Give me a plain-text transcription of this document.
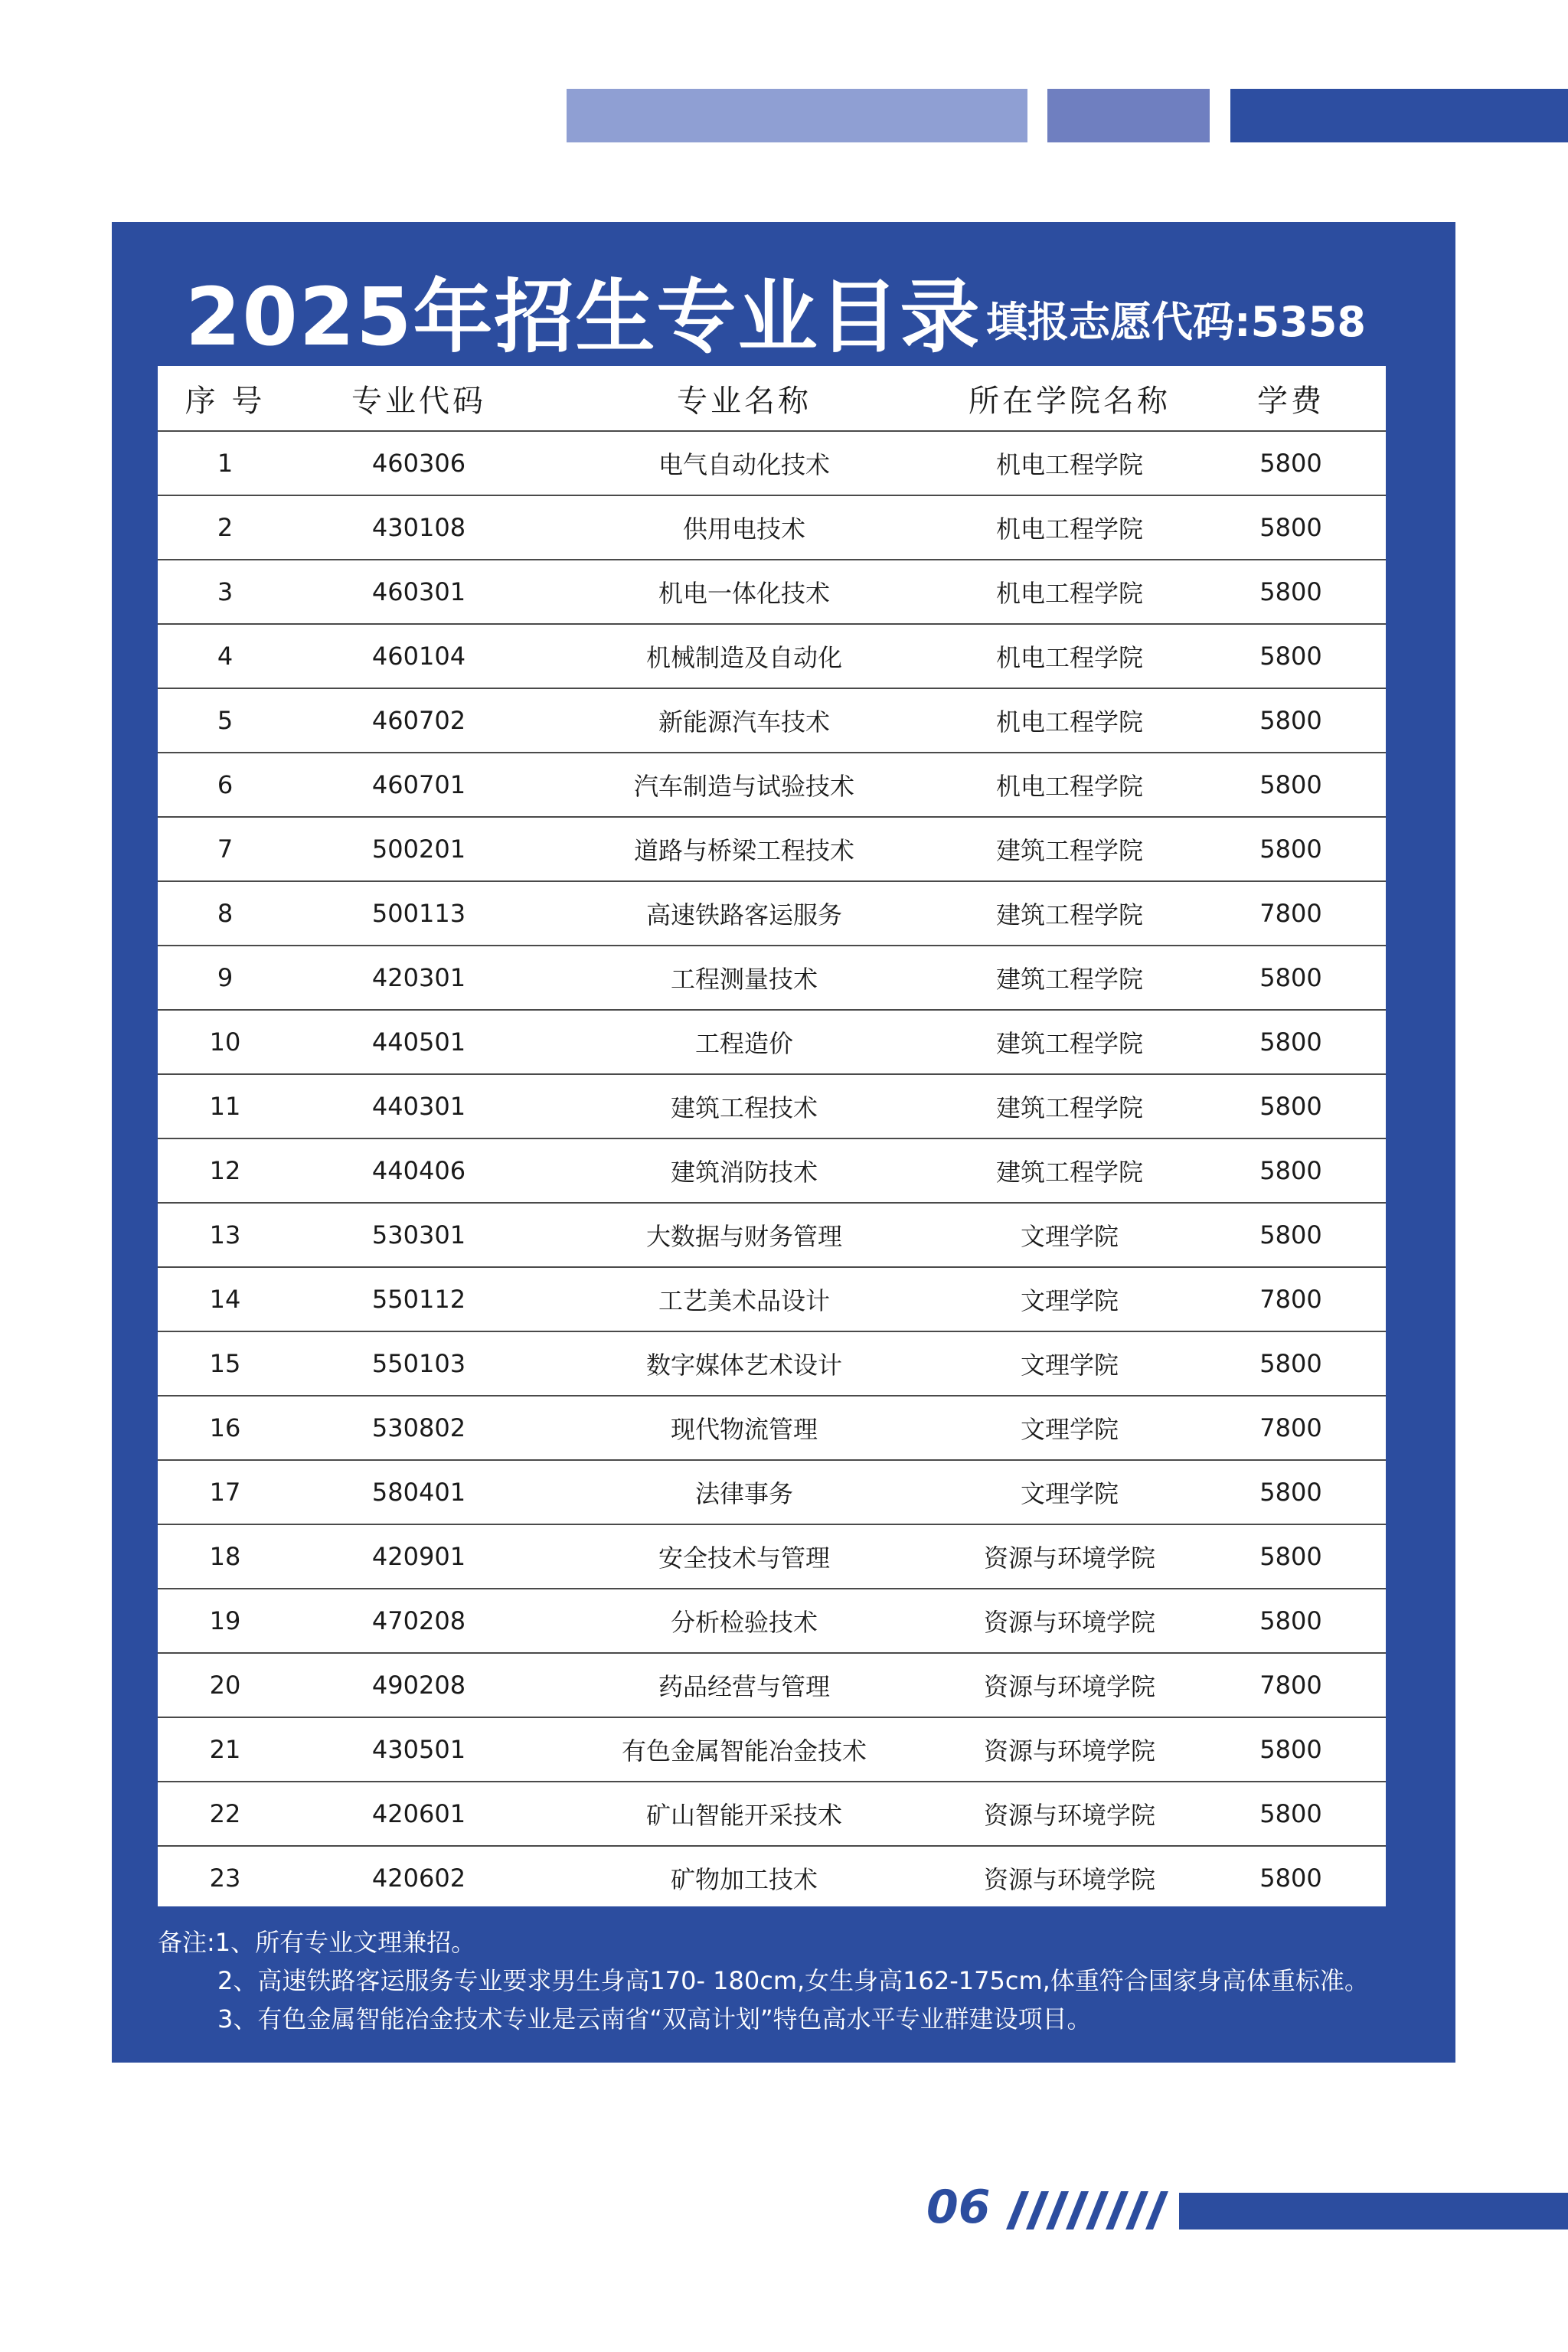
2025年招生专业目录 填报志愿代码:5358
序 号	专业代码	专业名称	所在学院名称	学费
1	460306	电气自动化技术	机电工程学院	5800
2	430108	供用电技术	机电工程学院	5800
3	460301	机电一体化技术	机电工程学院	5800
4	460104	机械制造及自动化	机电工程学院	5800
5	460702	新能源汽车技术	机电工程学院	5800
6	460701	汽车制造与试验技术	机电工程学院	5800
7	500201	道路与桥梁工程技术	建筑工程学院	5800
8	500113	高速铁路客运服务	建筑工程学院	7800
9	420301	工程测量技术	建筑工程学院	5800
10	440501	工程造价	建筑工程学院	5800
11	440301	建筑工程技术	建筑工程学院	5800
12	440406	建筑消防技术	建筑工程学院	5800
13	530301	大数据与财务管理	文理学院	5800
14	550112	工艺美术品设计	文理学院	7800
15	550103	数字媒体艺术设计	文理学院	5800
16	530802	现代物流管理	文理学院	7800
17	580401	法律事务	文理学院	5800
18	420901	安全技术与管理	资源与环境学院	5800
19	470208	分析检验技术	资源与环境学院	5800
20	490208	药品经营与管理	资源与环境学院	7800
21	430501	有色金属智能冶金技术	资源与环境学院	5800
22	420601	矿山智能开采技术	资源与环境学院	5800
23	420602	矿物加工技术	资源与环境学院	5800
备注:1、所有专业文理兼招。
2、高速铁路客运服务专业要求男生身高170- 180cm,女生身高162-175cm,体重符合国家身高体重标准。
3、有色金属智能冶金技术专业是云南省“双高计划”特色高水平专业群建设项目。
06
